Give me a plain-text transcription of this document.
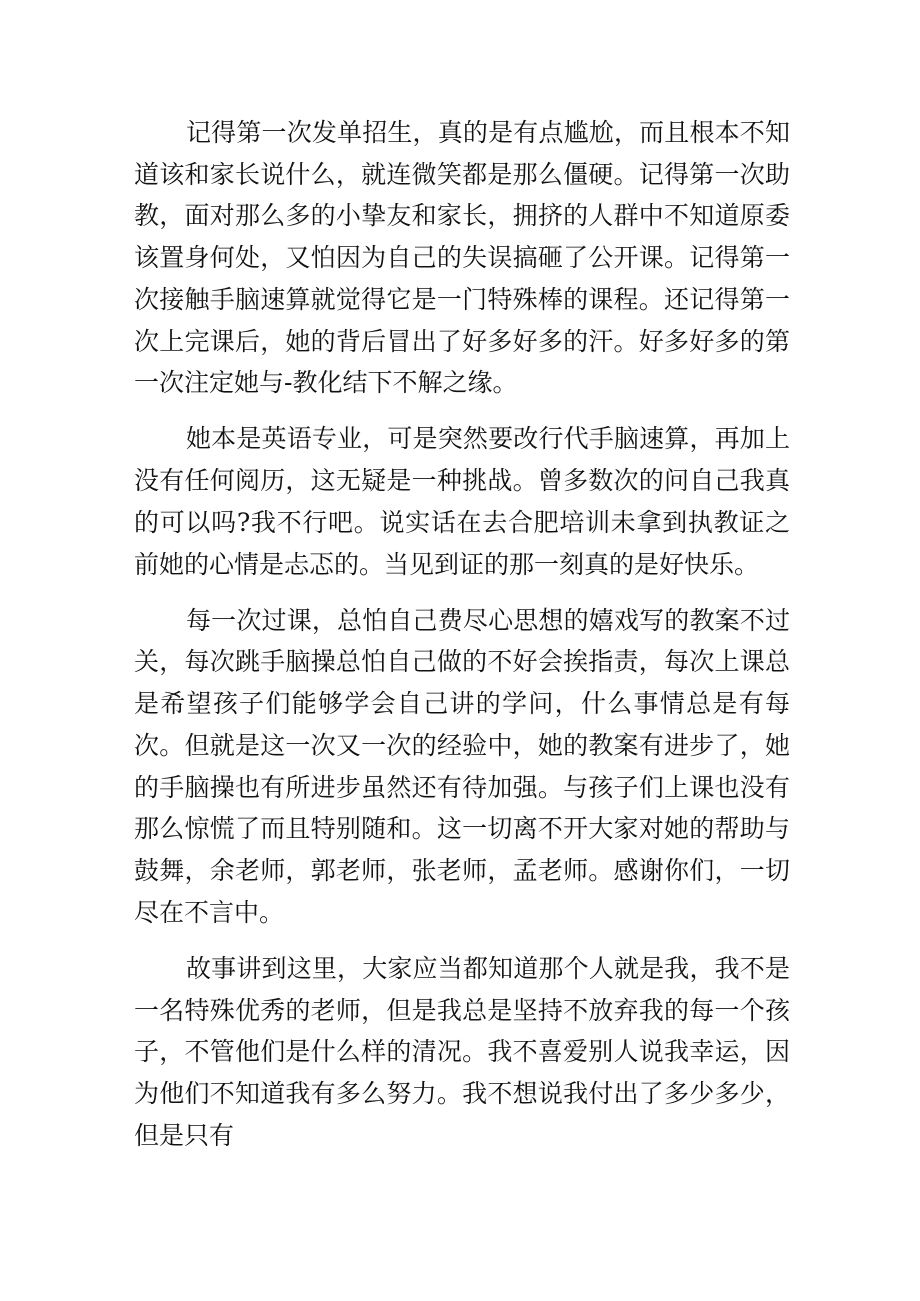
记得第一次发单招生，真的是有点尴尬，而且根本不知道该和家长说什么，就连微笑都是那么僵硬。记得第一次助教，面对那么多的小挚友和家长，拥挤的人群中不知道原委该置身何处，又怕因为自己的失误搞砸了公开课。记得第一次接触手脑速算就觉得它是一门特殊棒的课程。还记得第一次上完课后，她的背后冒出了好多好多的汗。好多好多的第一次注定她与-教化结下不解之缘。

她本是英语专业，可是突然要改行代手脑速算，再加上没有任何阅历，这无疑是一种挑战。曾多数次的问自己我真的可以吗?我不行吧。说实话在去合肥培训未拿到执教证之前她的心情是忐忑的。当见到证的那一刻真的是好快乐。

每一次过课，总怕自己费尽心思想的嬉戏写的教案不过关，每次跳手脑操总怕自己做的不好会挨指责，每次上课总是希望孩子们能够学会自己讲的学问，什么事情总是有每次。但就是这一次又一次的经验中，她的教案有进步了，她的手脑操也有所进步虽然还有待加强。与孩子们上课也没有那么惊慌了而且特别随和。这一切离不开大家对她的帮助与鼓舞，余老师，郭老师，张老师，孟老师。感谢你们，一切尽在不言中。

故事讲到这里，大家应当都知道那个人就是我，我不是一名特殊优秀的老师，但是我总是坚持不放弃我的每一个孩子，不管他们是什么样的清况。我不喜爱别人说我幸运，因为他们不知道我有多么努力。我不想说我付出了多少多少，但是只有
